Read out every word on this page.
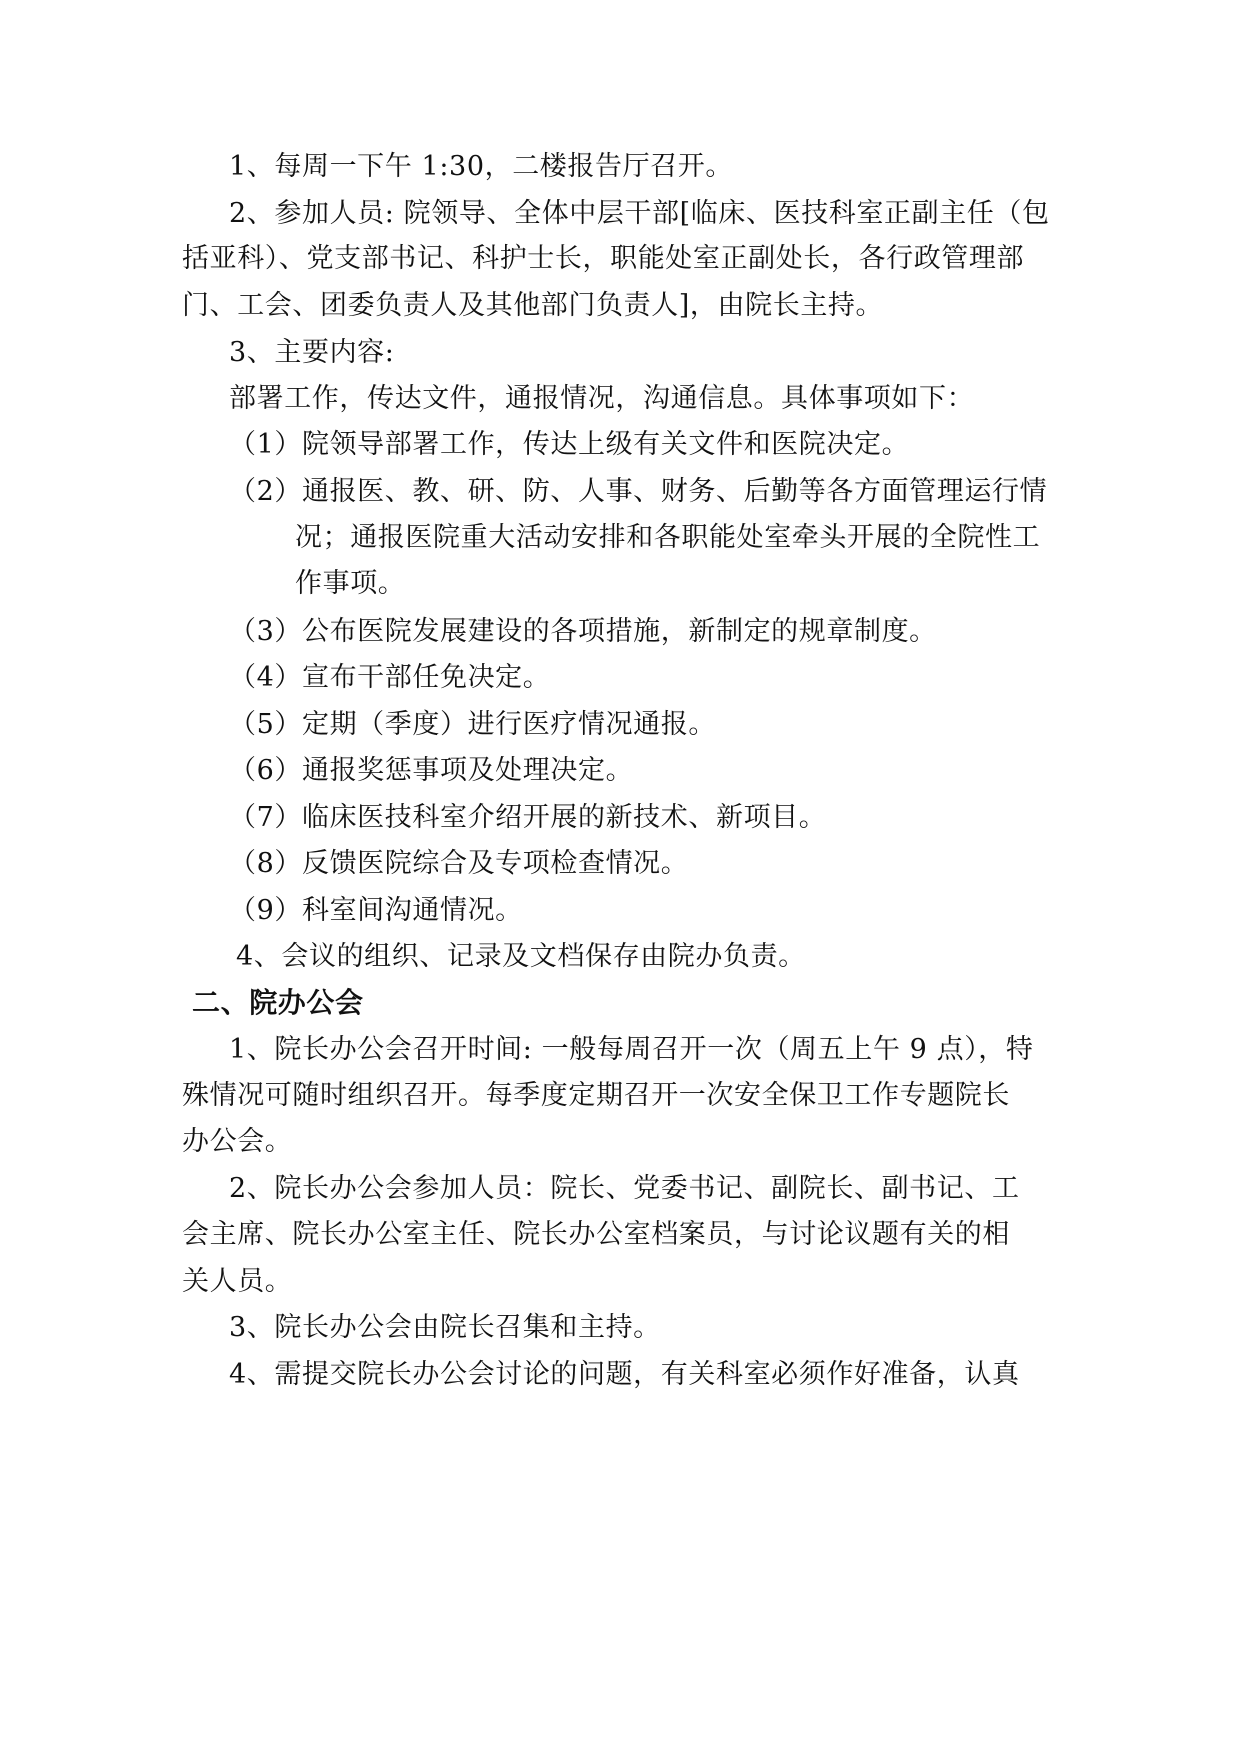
1、每周一下午 1:30，二楼报告厅召开。
2、参加人员: 院领导、全体中层干部[临床、医技科室正副主任（包
括亚科）、党支部书记、科护士长，职能处室正副处长，各行政管理部
门、工会、团委负责人及其他部门负责人]，由院长主持。
3、主要内容:
部署工作，传达文件，通报情况，沟通信息。具体事项如下：
（1）院领导部署工作，传达上级有关文件和医院决定。
（2）通报医、教、研、防、人事、财务、后勤等各方面管理运行情
况；通报医院重大活动安排和各职能处室牵头开展的全院性工
作事项。
（3）公布医院发展建设的各项措施，新制定的规章制度。
（4）宣布干部任免决定。
（5）定期（季度）进行医疗情况通报。
（6）通报奖惩事项及处理决定。
（7）临床医技科室介绍开展的新技术、新项目。
（8）反馈医院综合及专项检查情况。
（9）科室间沟通情况。
4、会议的组织、记录及文档保存由院办负责。
二、院办公会
1、院长办公会召开时间: 一般每周召开一次（周五上午 9 点），特
殊情况可随时组织召开。每季度定期召开一次安全保卫工作专题院长
办公会。
2、院长办公会参加人员：院长、党委书记、副院长、副书记、工
会主席、院长办公室主任、院长办公室档案员，与讨论议题有关的相
关人员。
3、院长办公会由院长召集和主持。
4、需提交院长办公会讨论的问题，有关科室必须作好准备，认真
